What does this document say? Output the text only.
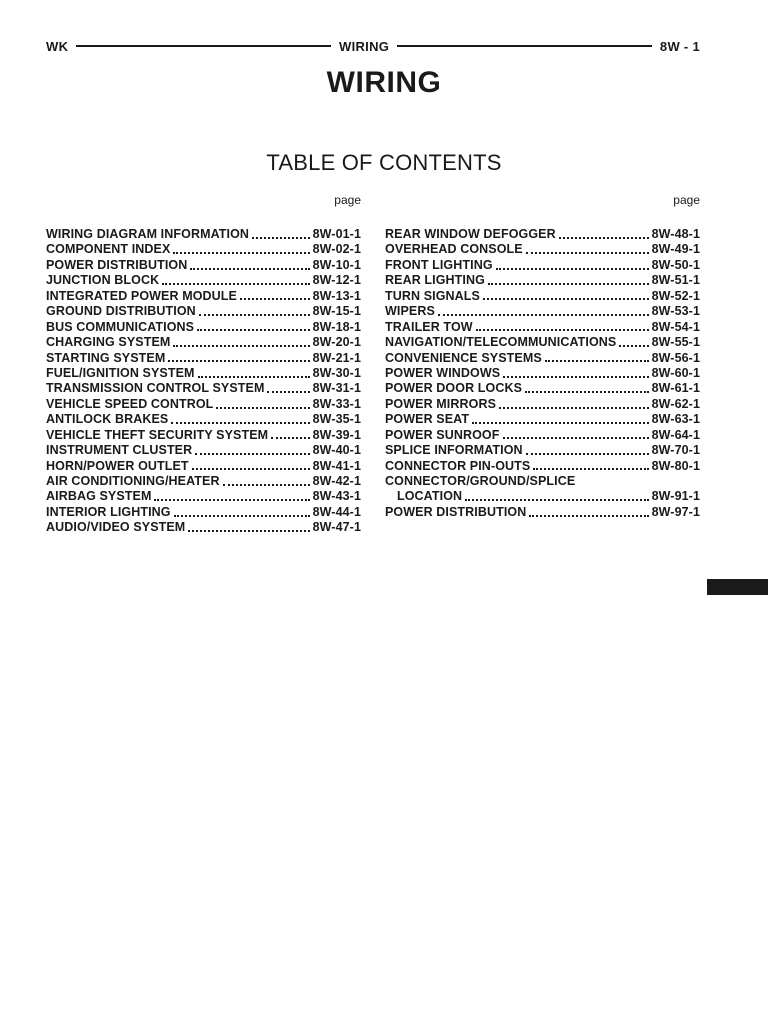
WK	WIRING	8W - 1
WIRING
TABLE OF CONTENTS
page	page
WIRING DIAGRAM INFORMATION	8W-01-1
COMPONENT INDEX	8W-02-1
POWER DISTRIBUTION	8W-10-1
JUNCTION BLOCK	8W-12-1
INTEGRATED POWER MODULE	8W-13-1
GROUND DISTRIBUTION	8W-15-1
BUS COMMUNICATIONS	8W-18-1
CHARGING SYSTEM	8W-20-1
STARTING SYSTEM	8W-21-1
FUEL/IGNITION SYSTEM	8W-30-1
TRANSMISSION CONTROL SYSTEM	8W-31-1
VEHICLE SPEED CONTROL	8W-33-1
ANTILOCK BRAKES	8W-35-1
VEHICLE THEFT SECURITY SYSTEM	8W-39-1
INSTRUMENT CLUSTER	8W-40-1
HORN/POWER OUTLET	8W-41-1
AIR CONDITIONING/HEATER	8W-42-1
AIRBAG SYSTEM	8W-43-1
INTERIOR LIGHTING	8W-44-1
AUDIO/VIDEO SYSTEM	8W-47-1
REAR WINDOW DEFOGGER	8W-48-1
OVERHEAD CONSOLE	8W-49-1
FRONT LIGHTING	8W-50-1
REAR LIGHTING	8W-51-1
TURN SIGNALS	8W-52-1
WIPERS	8W-53-1
TRAILER TOW	8W-54-1
NAVIGATION/TELECOMMUNICATIONS	8W-55-1
CONVENIENCE SYSTEMS	8W-56-1
POWER WINDOWS	8W-60-1
POWER DOOR LOCKS	8W-61-1
POWER MIRRORS	8W-62-1
POWER SEAT	8W-63-1
POWER SUNROOF	8W-64-1
SPLICE INFORMATION	8W-70-1
CONNECTOR PIN-OUTS	8W-80-1
CONNECTOR/GROUND/SPLICE
LOCATION	8W-91-1
POWER DISTRIBUTION	8W-97-1
